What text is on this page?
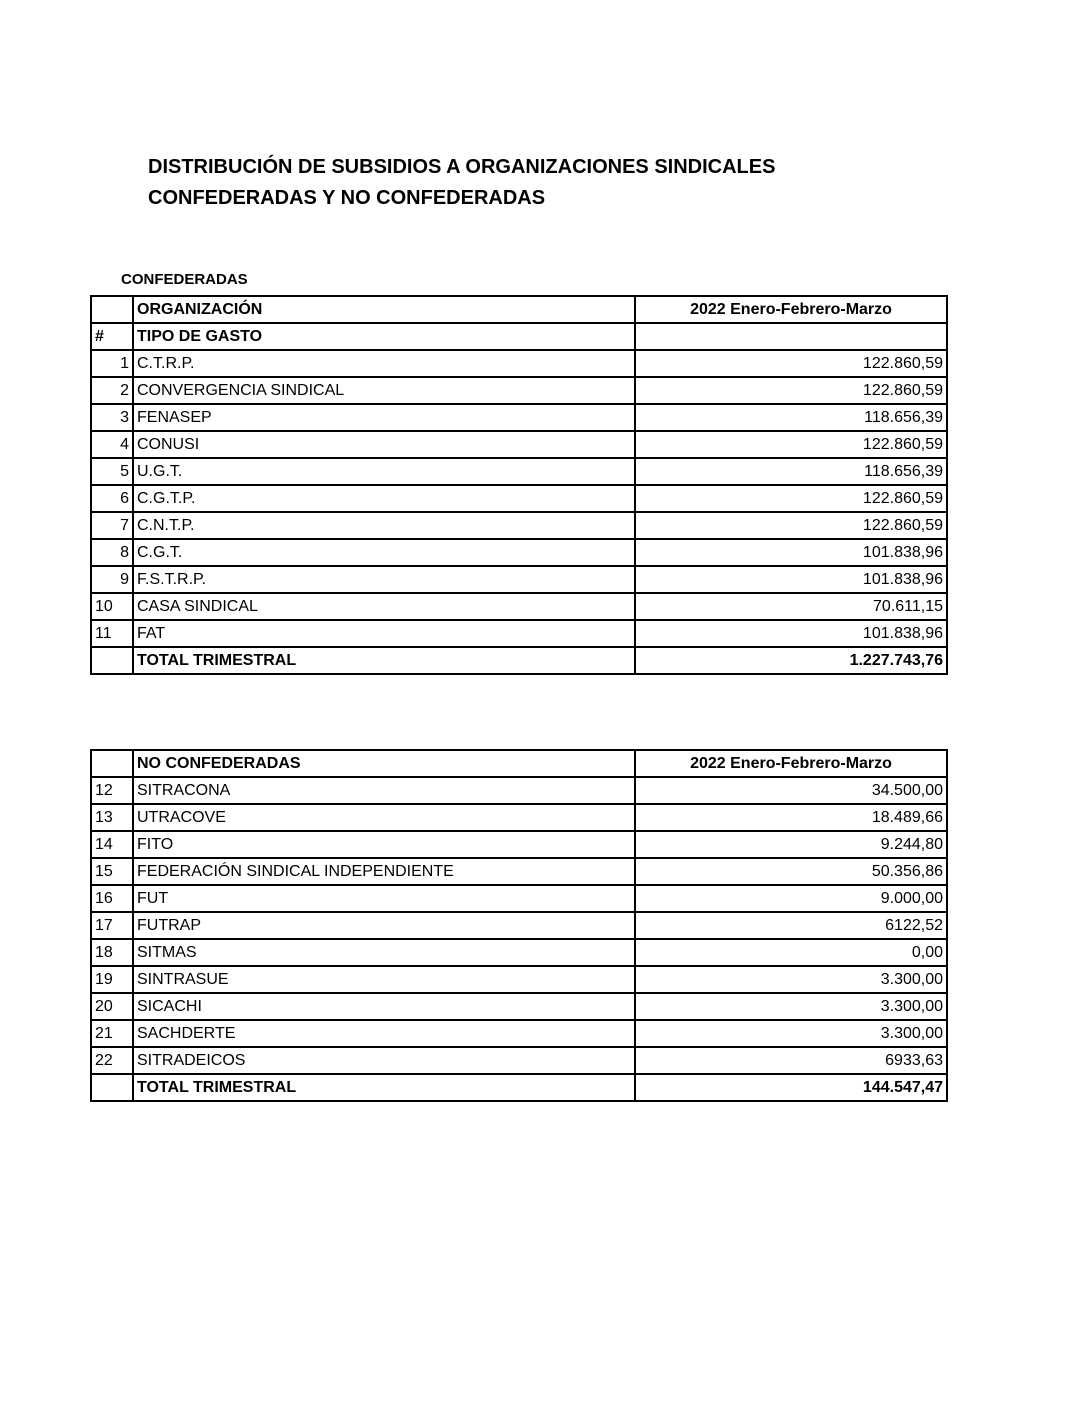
DISTRIBUCIÓN DE SUBSIDIOS A ORGANIZACIONES SINDICALES
CONFEDERADAS Y NO CONFEDERADAS
CONFEDERADAS
	ORGANIZACIÓN	2022 Enero-Febrero-Marzo
#	TIPO DE GASTO	
1	C.T.R.P.	122.860,59
2	CONVERGENCIA SINDICAL	122.860,59
3	FENASEP	118.656,39
4	CONUSI	122.860,59
5	U.G.T.	118.656,39
6	C.G.T.P.	122.860,59
7	C.N.T.P.	122.860,59
8	C.G.T.	101.838,96
9	F.S.T.R.P.	101.838,96
10	CASA SINDICAL	70.611,15
11	FAT	101.838,96
	TOTAL TRIMESTRAL	1.227.743,76
	NO CONFEDERADAS	2022 Enero-Febrero-Marzo
12	SITRACONA	34.500,00
13	UTRACOVE	18.489,66
14	FITO	9.244,80
15	FEDERACIÓN SINDICAL INDEPENDIENTE	50.356,86
16	FUT	9.000,00
17	FUTRAP	6122,52
18	SITMAS	0,00
19	SINTRASUE	3.300,00
20	SICACHI	3.300,00
21	SACHDERTE	3.300,00
22	SITRADEICOS	6933,63
	TOTAL TRIMESTRAL	144.547,47
